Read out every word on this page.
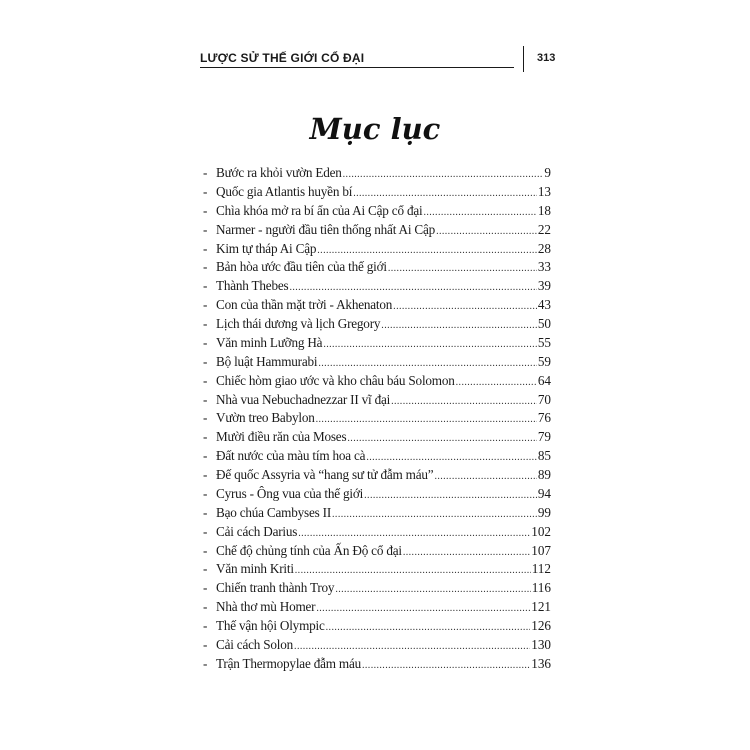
LƯỢC SỬ THẾ GIỚI CỔ ĐẠI	313
Mục lục
- Bước ra khỏi vườn Eden .....	9
- Quốc gia Atlantis huyền bí .....	13
- Chìa khóa mở ra bí ẩn của Ai Cập cổ đại .....	18
- Narmer - người đầu tiên thống nhất Ai Cập .....	22
- Kim tự tháp Ai Cập .....	28
- Bản hòa ước đầu tiên của thế giới .....	33
- Thành Thebes .....	39
- Con của thần mặt trời - Akhenaton .....	43
- Lịch thái dương và lịch Gregory .....	50
- Văn minh Lưỡng Hà .....	55
- Bộ luật Hammurabi .....	59
- Chiếc hòm giao ước và kho châu báu Solomon .....	64
- Nhà vua Nebuchadnezzar II vĩ đại .....	70
- Vườn treo Babylon .....	76
- Mười điều răn của Moses .....	79
- Đất nước của màu tím hoa cà .....	85
- Đế quốc Assyria và “hang sư tử đẫm máu” .....	89
- Cyrus - Ông vua của thế giới .....	94
- Bạo chúa Cambyses II .....	99
- Cải cách Darius .....	102
- Chế độ chủng tính của Ấn Độ cổ đại .....	107
- Văn minh Kriti .....	112
- Chiến tranh thành Troy .....	116
- Nhà thơ mù Homer .....	121
- Thế vận hội Olympic .....	126
- Cải cách Solon .....	130
- Trận Thermopylae đẫm máu .....	136
